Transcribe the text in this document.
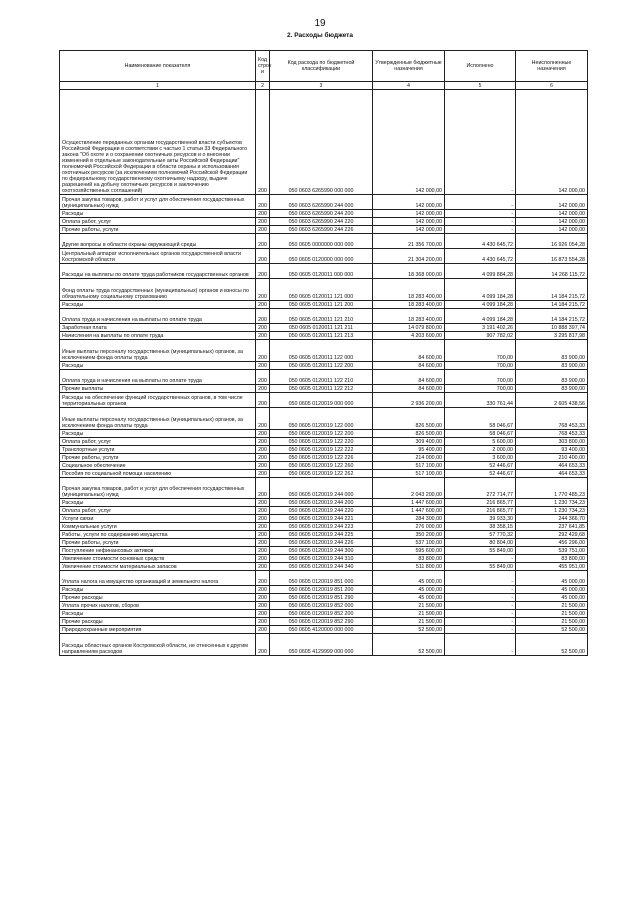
19
2. Расходы бюджета
Наименование показателя	Код строк и	Код расхода по бюджетной классификации	Утвержденные бюджетные назначения	Исполнено	Неисполненные назначения
1	2	3	4	5	6
Осуществление переданных органам государственной власти субъектов Российской Федерации в соответствии с частью 1 статьи 33 Федерального закона "Об охоте и о сохранении охотничьих ресурсов и о внесении изменений в отдельные законодательные акты Российской Федерации" полномочий Российской Федерации в области охраны и использования охотничьих ресурсов (за исключением полномочий Российской Федерации по федеральному государственному охотничьему надзору, выдаче разрешений на добычу охотничьих ресурсов и заключению охотхозяйственных соглашений)	200	050 0603 6265990 000 000	142 000,00	-	142 000,00
Прочая закупка товаров, работ и услуг для обеспечения государственных (муниципальных) нужд	200	050 0603 6265990 244 000	142 000,00	-	142 000,00
Расходы	200	050 0603 6265990 244 200	142 000,00	-	142 000,00
Оплата работ, услуг	200	050 0603 6265990 244 220	142 000,00	-	142 000,00
Прочие работы, услуги	200	050 0603 6265990 244 226	142 000,00	-	142 000,00
Другие вопросы в области охраны окружающей среды	200	050 0605 0000000 000 000	21 356 700,00	4 430 645,72	16 926 054,28
Центральный аппарат исполнительных органов государственной власти Костромской области	200	050 0605 0120000 000 000	21 304 200,00	4 430 645,72	16 873 554,28
Расходы на выплаты по оплате труда работников государственных органов	200	050 0605 0120011 000 000	18 368 000,00	4 099 884,28	14 268 115,72
Фонд оплаты труда государственных (муниципальных) органов и взносы по обязательному социальному страхованию	200	050 0605 0120011 121 000	18 283 400,00	4 099 184,28	14 184 215,72
Расходы	200	050 0605 0120011 121 200	18 283 400,00	4 099 184,28	14 184 215,72
Оплата труда и начисления на выплаты по оплате труда	200	050 0605 0120011 121 210	18 283 400,00	4 099 184,28	14 184 215,72
Заработная плата	200	050 0605 0120011 121 211	14 079 800,00	3 191 402,26	10 888 397,74
Начисления на выплаты по оплате труда	200	050 0605 0120011 121 213	4 203 600,00	907 782,02	3 295 817,98
Иные выплаты персоналу государственных (муниципальных) органов, за исключением фонда оплаты труда	200	050 0605 0120011 122 000	84 600,00	700,00	83 900,00
Расходы	200	050 0605 0120011 122 200	84 600,00	700,00	83 900,00
Оплата труда и начисления на выплаты по оплате труда	200	050 0605 0120011 122 210	84 600,00	700,00	83 900,00
Прочие выплаты	200	050 0605 0120011 122 212	84 600,00	700,00	83 900,00
Расходы на обеспечение функций государственных органов, в том числе территориальных органов	200	050 0605 0120019 000 000	2 936 200,00	330 761,44	2 605 438,56
Иные выплаты персоналу государственных (муниципальных) органов, за исключением фонда оплаты труда	200	050 0605 0120019 122 000	826 500,00	58 046,67	768 453,33
Расходы	200	050 0605 0120019 122 200	826 500,00	58 046,67	768 453,33
Оплата работ, услуг	200	050 0605 0120019 122 220	309 400,00	5 600,00	303 800,00
Транспортные услуги	200	050 0605 0120019 122 222	95 400,00	2 000,00	93 400,00
Прочие работы, услуги	200	050 0605 0120019 122 226	214 000,00	3 600,00	210 400,00
Социальное обеспечение	200	050 0605 0120019 122 260	517 100,00	52 446,67	464 653,33
Пособия по социальной помощи населению	200	050 0605 0120019 122 262	517 100,00	52 446,67	464 653,33
Прочая закупка товаров, работ и услуг для обеспечения государственных (муниципальных) нужд	200	050 0605 0120019 244 000	2 043 200,00	272 714,77	1 770 485,23
Расходы	200	050 0605 0120019 244 200	1 447 600,00	216 865,77	1 230 734,23
Оплата работ, услуг	200	050 0605 0120019 244 220	1 447 600,00	216 865,77	1 230 734,23
Услуги связи	200	050 0605 0120019 244 221	284 300,00	39 933,30	244 366,70
Коммунальные услуги	200	050 0605 0120019 244 223	276 000,00	38 358,15	237 641,85
Работы, услуги по содержанию имущества	200	050 0605 0120019 244 225	350 200,00	57 770,32	292 429,68
Прочие работы, услуги	200	050 0605 0120019 244 226	537 100,00	80 804,00	456 296,00
Поступление нефинансовых активов	200	050 0605 0120019 244 300	595 600,00	55 849,00	539 751,00
Увеличение стоимости основных средств	200	050 0605 0120019 244 310	83 800,00	-	83 800,00
Увеличение стоимости материальных запасов	200	050 0605 0120019 244 340	511 800,00	55 849,00	455 951,00
Уплата налога на имущество организаций и земельного налога	200	050 0605 0120019 851 000	45 000,00	-	45 000,00
Расходы	200	050 0605 0120019 851 200	45 000,00	-	45 000,00
Прочие расходы	200	050 0605 0120019 851 290	45 000,00	-	45 000,00
Уплата прочих налогов, сборов	200	050 0605 0120019 852 000	21 500,00	-	21 500,00
Расходы	200	050 0605 0120019 852 200	21 500,00	-	21 500,00
Прочие расходы	200	050 0605 0120019 852 290	21 500,00	-	21 500,00
Природоохранные мероприятия	200	050 0605 4120000 000 000	52 500,00	-	52 500,00
Расходы областных органов Костромской области, не отнесенных к другим направлениям расходов	200	050 0605 4129999 000 000	52 500,00	-	52 500,00
